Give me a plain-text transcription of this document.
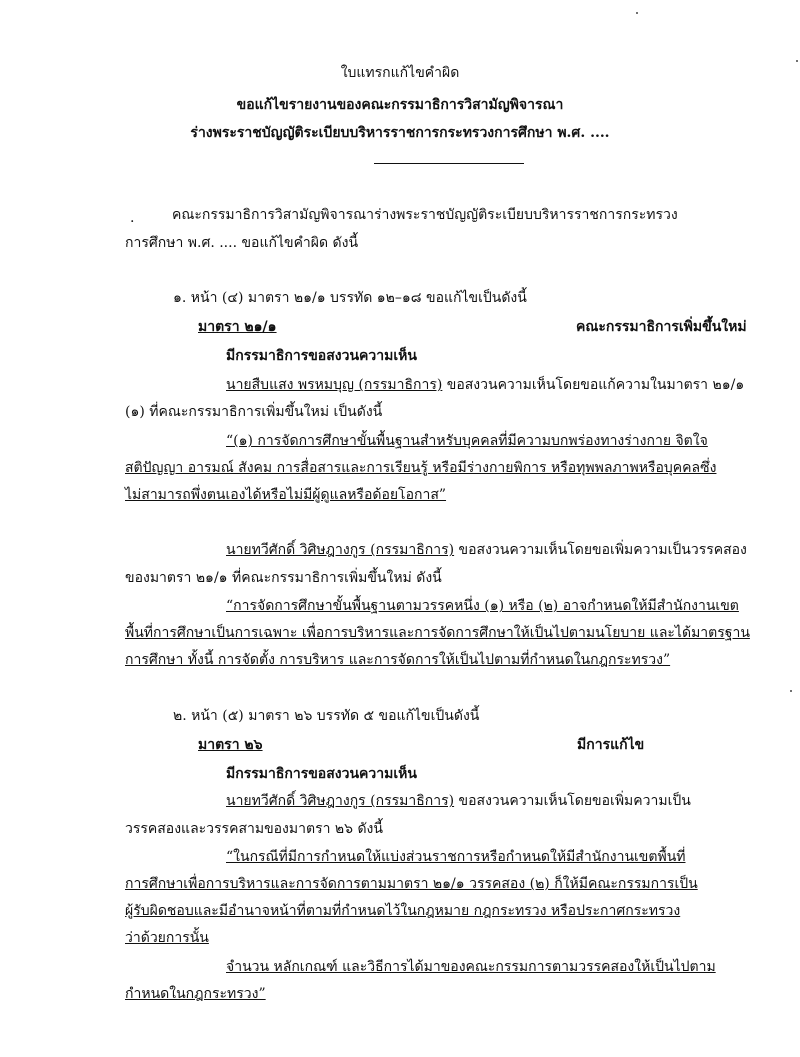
ใบแทรกแก้ไขคำผิด
ขอแก้ไขรายงานของคณะกรรมาธิการวิสามัญพิจารณา
ร่างพระราชบัญญัติระเบียบบริหารราชการกระทรวงการศึกษา พ.ศ. ....
.	คณะกรรมาธิการวิสามัญพิจารณาร่างพระราชบัญญัติระเบียบบริหารราชการกระทรวง
การศึกษา พ.ศ. .... ขอแก้ไขคำผิด ดังนี้
๑. หน้า (๔) มาตรา ๒๑/๑ บรรทัด ๑๒–๑๘ ขอแก้ไขเป็นดังนี้
มาตรา ๒๑/๑	คณะกรรมาธิการเพิ่มขึ้นใหม่
มีกรรมาธิการขอสงวนความเห็น
นายสืบแสง พรหมบุญ (กรรมาธิการ) ขอสงวนความเห็นโดยขอแก้ความในมาตรา ๒๑/๑
(๑) ที่คณะกรรมาธิการเพิ่มขึ้นใหม่ เป็นดังนี้
“(๑) การจัดการศึกษาขั้นพื้นฐานสำหรับบุคคลที่มีความบกพร่องทางร่างกาย จิตใจ
สติปัญญา อารมณ์ สังคม การสื่อสารและการเรียนรู้ หรือมีร่างกายพิการ หรือทุพพลภาพหรือบุคคลซึ่ง
ไม่สามารถพึ่งตนเองได้หรือไม่มีผู้ดูแลหรือด้อยโอกาส”
นายทวีศักดิ์ วิศิษฎางกูร (กรรมาธิการ) ขอสงวนความเห็นโดยขอเพิ่มความเป็นวรรคสอง
ของมาตรา ๒๑/๑ ที่คณะกรรมาธิการเพิ่มขึ้นใหม่ ดังนี้
“การจัดการศึกษาขั้นพื้นฐานตามวรรคหนึ่ง (๑) หรือ (๒) อาจกำหนดให้มีสำนักงานเขต
พื้นที่การศึกษาเป็นการเฉพาะ เพื่อการบริหารและการจัดการศึกษาให้เป็นไปตามนโยบาย และได้มาตรฐาน
การศึกษา ทั้งนี้ การจัดตั้ง การบริหาร และการจัดการให้เป็นไปตามที่กำหนดในกฎกระทรวง”
๒. หน้า (๕) มาตรา ๒๖ บรรทัด ๕ ขอแก้ไขเป็นดังนี้
มาตรา ๒๖	มีการแก้ไข
มีกรรมาธิการขอสงวนความเห็น
นายทวีศักดิ์ วิศิษฎางกูร (กรรมาธิการ) ขอสงวนความเห็นโดยขอเพิ่มความเป็น
วรรคสองและวรรคสามของมาตรา ๒๖ ดังนี้
“ในกรณีที่มีการกำหนดให้แบ่งส่วนราชการหรือกำหนดให้มีสำนักงานเขตพื้นที่
การศึกษาเพื่อการบริหารและการจัดการตามมาตรา ๒๑/๑ วรรคสอง (๒) ก็ให้มีคณะกรรมการเป็น
ผู้รับผิดชอบและมีอำนาจหน้าที่ตามที่กำหนดไว้ในกฎหมาย กฎกระทรวง หรือประกาศกระทรวง
ว่าด้วยการนั้น
จำนวน หลักเกณฑ์ และวิธีการได้มาของคณะกรรมการตามวรรคสองให้เป็นไปตาม
กำหนดในกฎกระทรวง”
